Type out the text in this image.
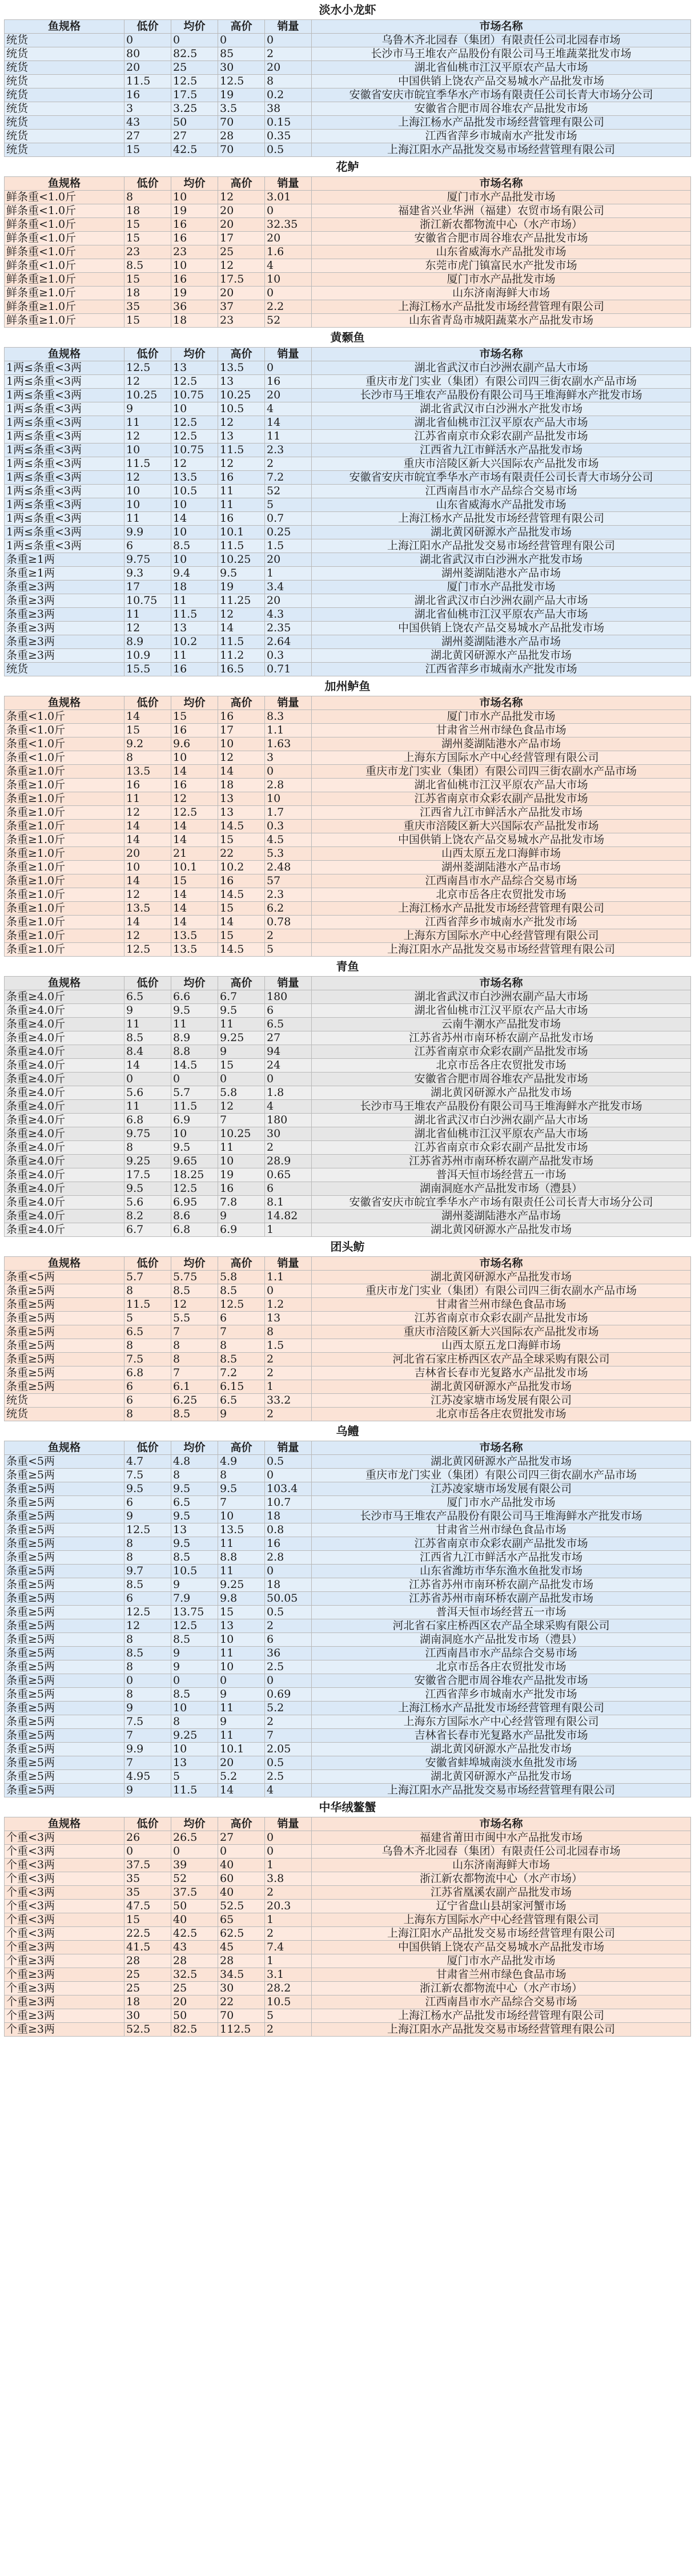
淡水小龙虾
鱼规格	低价	均价	高价	销量	市场名称
统货	0	0	0	0	乌鲁木齐北园春（集团）有限责任公司北园春市场
统货	80	82.5	85	2	长沙市马王堆农产品股份有限公司马王堆蔬菜批发市场
统货	20	25	30	20	湖北省仙桃市江汉平原农产品大市场
统货	11.5	12.5	12.5	8	中国供销上饶农产品交易城水产品批发市场
统货	16	17.5	19	0.2	安徽省安庆市皖宜季华水产市场有限责任公司长青大市场分公司
统货	3	3.25	3.5	38	安徽省合肥市周谷堆农产品批发市场
统货	43	50	70	0.15	上海江杨水产品批发市场经营管理有限公司
统货	27	27	28	0.35	江西省萍乡市城南水产批发市场
统货	15	42.5	70	0.5	上海江阳水产品批发交易市场经营管理有限公司
花鲈
鱼规格	低价	均价	高价	销量	市场名称
鲜条重<1.0斤	8	10	12	3.01	厦门市水产品批发市场
鲜条重<1.0斤	18	19	20	0	福建省兴业华洲（福建）农贸市场有限公司
鲜条重<1.0斤	15	16	20	32.35	浙江新农都物流中心（水产市场）
鲜条重<1.0斤	15	16	17	20	安徽省合肥市周谷堆农产品批发市场
鲜条重<1.0斤	23	23	25	1.6	山东省威海水产品批发市场
鲜条重<1.0斤	8.5	10	12	4	东莞市虎门镇富民水产批发市场
鲜条重≥1.0斤	15	16	17.5	10	厦门市水产品批发市场
鲜条重≥1.0斤	18	19	20	0	山东济南海鲜大市场
鲜条重≥1.0斤	35	36	37	2.2	上海江杨水产品批发市场经营管理有限公司
鲜条重≥1.0斤	15	18	23	52	山东省青岛市城阳蔬菜水产品批发市场
黄颡鱼
鱼规格	低价	均价	高价	销量	市场名称
1两≤条重<3两	12.5	13	13.5	0	湖北省武汉市白沙洲农副产品大市场
1两≤条重<3两	12	12.5	13	16	重庆市龙门实业（集团）有限公司四三街农副水产品市场
1两≤条重<3两	10.25	10.75	10.25	20	长沙市马王堆农产品股份有限公司马王堆海鲜水产批发市场
1两≤条重<3两	9	10	10.5	4	湖北省武汉市白沙洲水产批发市场
1两≤条重<3两	11	12.5	12	14	湖北省仙桃市江汉平原农产品大市场
1两≤条重<3两	12	12.5	13	11	江苏省南京市众彩农副产品批发市场
1两≤条重<3两	10	10.75	11.5	2.3	江西省九江市鲜活水产品批发市场
1两≤条重<3两	11.5	12	12	2	重庆市涪陵区新大兴国际农产品批发市场
1两≤条重<3两	12	13.5	16	7.2	安徽省安庆市皖宜季华水产市场有限责任公司长青大市场分公司
1两≤条重<3两	10	10.5	11	52	江西南昌市水产品综合交易市场
1两≤条重<3两	10	10	11	5	山东省威海水产品批发市场
1两≤条重<3两	11	14	16	0.7	上海江杨水产品批发市场经营管理有限公司
1两≤条重<3两	9.9	10	10.1	0.25	湖北黄冈研源水产品批发市场
1两≤条重<3两	6	8.5	11.5	1.5	上海江阳水产品批发交易市场经营管理有限公司
条重≥1两	9.75	10	10.25	20	湖北省武汉市白沙洲水产批发市场
条重≥1两	9.3	9.4	9.5	1	湖州菱湖陆港水产品市场
条重≥3两	17	18	19	3.4	厦门市水产品批发市场
条重≥3两	10.75	11	11.25	20	湖北省武汉市白沙洲农副产品大市场
条重≥3两	11	11.5	12	4.3	湖北省仙桃市江汉平原农产品大市场
条重≥3两	12	13	14	2.35	中国供销上饶农产品交易城水产品批发市场
条重≥3两	8.9	10.2	11.5	2.64	湖州菱湖陆港水产品市场
条重≥3两	10.9	11	11.2	0.3	湖北黄冈研源水产品批发市场
统货	15.5	16	16.5	0.71	江西省萍乡市城南水产批发市场
加州鲈鱼
鱼规格	低价	均价	高价	销量	市场名称
条重<1.0斤	14	15	16	8.3	厦门市水产品批发市场
条重<1.0斤	15	16	17	1.1	甘肃省兰州市绿色食品市场
条重<1.0斤	9.2	9.6	10	1.63	湖州菱湖陆港水产品市场
条重<1.0斤	8	10	12	3	上海东方国际水产中心经营管理有限公司
条重≥1.0斤	13.5	14	14	0	重庆市龙门实业（集团）有限公司四三街农副水产品市场
条重≥1.0斤	16	16	18	2.8	湖北省仙桃市江汉平原农产品大市场
条重≥1.0斤	11	12	13	10	江苏省南京市众彩农副产品批发市场
条重≥1.0斤	12	12.5	13	1.7	江西省九江市鲜活水产品批发市场
条重≥1.0斤	14	14	14.5	0.3	重庆市涪陵区新大兴国际农产品批发市场
条重≥1.0斤	14	14	15	4.5	中国供销上饶农产品交易城水产品批发市场
条重≥1.0斤	20	21	22	5.3	山西太原五龙口海鲜市场
条重≥1.0斤	10	10.1	10.2	2.48	湖州菱湖陆港水产品市场
条重≥1.0斤	14	15	16	57	江西南昌市水产品综合交易市场
条重≥1.0斤	12	14	14.5	2.3	北京市岳各庄农贸批发市场
条重≥1.0斤	13.5	14	15	6.2	上海江杨水产品批发市场经营管理有限公司
条重≥1.0斤	14	14	14	0.78	江西省萍乡市城南水产批发市场
条重≥1.0斤	12	13.5	15	2	上海东方国际水产中心经营管理有限公司
条重≥1.0斤	12.5	13.5	14.5	5	上海江阳水产品批发交易市场经营管理有限公司
青鱼
鱼规格	低价	均价	高价	销量	市场名称
条重≥4.0斤	6.5	6.6	6.7	180	湖北省武汉市白沙洲农副产品大市场
条重≥4.0斤	9	9.5	9.5	6	湖北省仙桃市江汉平原农产品大市场
条重≥4.0斤	11	11	11	6.5	云南牛潮水产品批发市场
条重≥4.0斤	8.5	8.9	9.25	27	江苏省苏州市南环桥农副产品批发市场
条重≥4.0斤	8.4	8.8	9	94	江苏省南京市众彩农副产品批发市场
条重≥4.0斤	14	14.5	15	24	北京市岳各庄农贸批发市场
条重≥4.0斤	0	0	0	0	安徽省合肥市周谷堆农产品批发市场
条重≥4.0斤	5.6	5.7	5.8	1.8	湖北黄冈研源水产品批发市场
条重≥4.0斤	11	11.5	12	4	长沙市马王堆农产品股份有限公司马王堆海鲜水产批发市场
条重≥4.0斤	6.8	6.9	7	180	湖北省武汉市白沙洲农副产品大市场
条重≥4.0斤	9.75	10	10.25	30	湖北省仙桃市江汉平原农产品大市场
条重≥4.0斤	8	9.5	11	2	江苏省南京市众彩农副产品批发市场
条重≥4.0斤	9.25	9.65	10	28.9	江苏省苏州市南环桥农副产品批发市场
条重≥4.0斤	17.5	18.25	19	0.65	普洱天恒市场经营五一市场
条重≥4.0斤	9.5	12.5	16	6	湖南洞庭水产品批发市场（澧县）
条重≥4.0斤	5.6	6.95	7.8	8.1	安徽省安庆市皖宜季华水产市场有限责任公司长青大市场分公司
条重≥4.0斤	8.2	8.6	9	14.82	湖州菱湖陆港水产品市场
条重≥4.0斤	6.7	6.8	6.9	1	湖北黄冈研源水产品批发市场
团头鲂
鱼规格	低价	均价	高价	销量	市场名称
条重<5两	5.7	5.75	5.8	1.1	湖北黄冈研源水产品批发市场
条重≥5两	8	8.5	8.5	0	重庆市龙门实业（集团）有限公司四三街农副水产品市场
条重≥5两	11.5	12	12.5	1.2	甘肃省兰州市绿色食品市场
条重≥5两	5	5.5	6	13	江苏省南京市众彩农副产品批发市场
条重≥5两	6.5	7	7	8	重庆市涪陵区新大兴国际农产品批发市场
条重≥5两	8	8	8	1.5	山西太原五龙口海鲜市场
条重≥5两	7.5	8	8.5	2	河北省石家庄桥西区农产品全球采购有限公司
条重≥5两	6.8	7	7.2	2	吉林省长春市光复路水产品批发市场
条重≥5两	6	6.1	6.15	1	湖北黄冈研源水产品批发市场
统货	6	6.25	6.5	33.2	江苏凌家塘市场发展有限公司
统货	8	8.5	9	2	北京市岳各庄农贸批发市场
乌鳢
鱼规格	低价	均价	高价	销量	市场名称
条重<5两	4.7	4.8	4.9	0.5	湖北黄冈研源水产品批发市场
条重≥5两	7.5	8	8	0	重庆市龙门实业（集团）有限公司四三街农副水产品市场
条重≥5两	9.5	9.5	9.5	103.4	江苏凌家塘市场发展有限公司
条重≥5两	6	6.5	7	10.7	厦门市水产品批发市场
条重≥5两	9	9.5	10	18	长沙市马王堆农产品股份有限公司马王堆海鲜水产批发市场
条重≥5两	12.5	13	13.5	0.8	甘肃省兰州市绿色食品市场
条重≥5两	8	9.5	11	16	江苏省南京市众彩农副产品批发市场
条重≥5两	8	8.5	8.8	2.8	江西省九江市鲜活水产品批发市场
条重≥5两	9.7	10.5	11	0	山东省潍坊市华东渔水鱼批发市场
条重≥5两	8.5	9	9.25	18	江苏省苏州市南环桥农副产品批发市场
条重≥5两	6	7.9	9.8	50.05	江苏省苏州市南环桥农副产品批发市场
条重≥5两	12.5	13.75	15	0.5	普洱天恒市场经营五一市场
条重≥5两	12	12.5	13	2	河北省石家庄桥西区农产品全球采购有限公司
条重≥5两	8	8.5	10	6	湖南洞庭水产品批发市场（澧县）
条重≥5两	8.5	9	11	36	江西南昌市水产品综合交易市场
条重≥5两	8	9	10	2.5	北京市岳各庄农贸批发市场
条重≥5两	0	0	0	0	安徽省合肥市周谷堆农产品批发市场
条重≥5两	8	8.5	9	0.69	江西省萍乡市城南水产批发市场
条重≥5两	9	10	11	5.2	上海江杨水产品批发市场经营管理有限公司
条重≥5两	7.5	8	9	2	上海东方国际水产中心经营管理有限公司
条重≥5两	7	9.25	11	7	吉林省长春市光复路水产品批发市场
条重≥5两	9.9	10	10.1	2.05	湖北黄冈研源水产品批发市场
条重≥5两	7	13	20	0.5	安徽省蚌埠城南淡水鱼批发市场
条重≥5两	4.95	5	5.2	2.5	湖北黄冈研源水产品批发市场
条重≥5两	9	11.5	14	4	上海江阳水产品批发交易市场经营管理有限公司
中华绒鳌蟹
鱼规格	低价	均价	高价	销量	市场名称
个重<3两	26	26.5	27	0	福建省莆田市闽中水产品批发市场
个重<3两	0	0	0	0	乌鲁木齐北园春（集团）有限责任公司北园春市场
个重<3两	37.5	39	40	1	山东济南海鲜大市场
个重<3两	35	52	60	3.8	浙江新农都物流中心（水产市场）
个重<3两	35	37.5	40	2	江苏省凰溪农副产品批发市场
个重<3两	47.5	50	52.5	20.3	辽宁省盘山县胡家河蟹市场
个重<3两	15	40	65	1	上海东方国际水产中心经营管理有限公司
个重<3两	22.5	42.5	62.5	2	上海江阳水产品批发交易市场经营管理有限公司
个重≥3两	41.5	43	45	7.4	中国供销上饶农产品交易城水产品批发市场
个重≥3两	28	28	28	1	厦门市水产品批发市场
个重≥3两	25	32.5	34.5	3.1	甘肃省兰州市绿色食品市场
个重≥3两	25	25	30	28.2	浙江新农都物流中心（水产市场）
个重≥3两	18	20	22	10.5	江西南昌市水产品综合交易市场
个重≥3两	30	50	70	5	上海江杨水产品批发市场经营管理有限公司
个重≥3两	52.5	82.5	112.5	2	上海江阳水产品批发交易市场经营管理有限公司
